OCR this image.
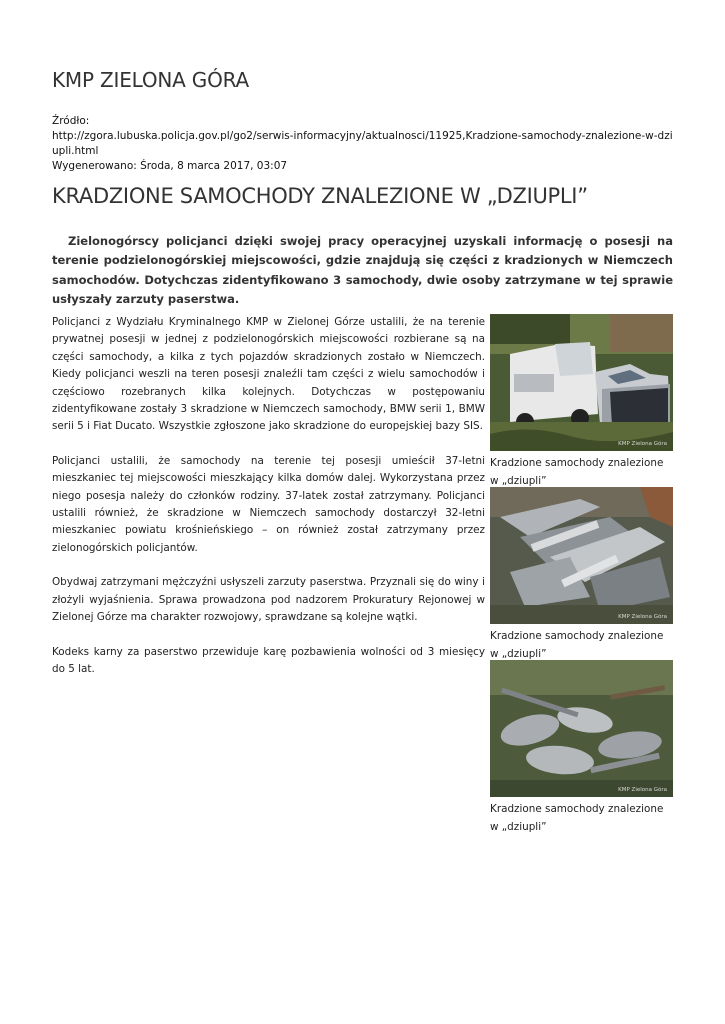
KMP ZIELONA GÓRA
Źródło:
http://zgora.lubuska.policja.gov.pl/go2/serwis-informacyjny/aktualnosci/11925,Kradzione-samochody-znalezione-w-dziupli.html
Wygenerowano: Środa, 8 marca 2017, 03:07
KRADZIONE SAMOCHODY ZNALEZIONE W „DZIUPLI”

Zielonogórscy policjanci dzięki swojej pracy operacyjnej uzyskali informację o posesji na terenie podzielonogórskiej miejscowości, gdzie znajdują się części z kradzionych w Niemczech samochodów. Dotychczas zidentyfikowano 3 samochody, dwie osoby zatrzymane w tej sprawie usłyszały zarzuty paserstwa.

Policjanci z Wydziału Kryminalnego KMP w Zielonej Górze ustalili, że na terenie prywatnej posesji w jednej z podzielonogórskich miejscowości rozbierane są na części samochody, a kilka z tych pojazdów skradzionych zostało w Niemczech. Kiedy policjanci weszli na teren posesji znaleźli tam części z wielu samochodów i częściowo rozebranych kilka kolejnych. Dotychczas w postępowaniu zidentyfikowane zostały 3 skradzione w Niemczech samochody, BMW serii 1, BMW serii 5 i Fiat Ducato. Wszystkie zgłoszone jako skradzione do europejskiej bazy SIS.

Policjanci ustalili, że samochody na terenie tej posesji umieścił 37-letni mieszkaniec tej miejscowości mieszkający kilka domów dalej. Wykorzystana przez niego posesja należy do członków rodziny. 37-latek został zatrzymany. Policjanci ustalili również, że skradzione w Niemczech samochody dostarczył 32-letni mieszkaniec powiatu krośnieńskiego – on również został zatrzymany przez zielonogórskich policjantów.

Obydwaj zatrzymani mężczyźni usłyszeli zarzuty paserstwa. Przyznali się do winy i złożyli wyjaśnienia. Sprawa prowadzona pod nadzorem Prokuratury Rejonowej w Zielonej Górze ma charakter rozwojowy, sprawdzane są kolejne wątki.

Kodeks karny za paserstwo przewiduje karę pozbawienia wolności od 3 miesięcy do 5 lat.

KMP Zielona Góra
Kradzione samochody znalezione w „dziupli”
KMP Zielona Góra
Kradzione samochody znalezione w „dziupli”
KMP Zielona Góra
Kradzione samochody znalezione w „dziupli”
